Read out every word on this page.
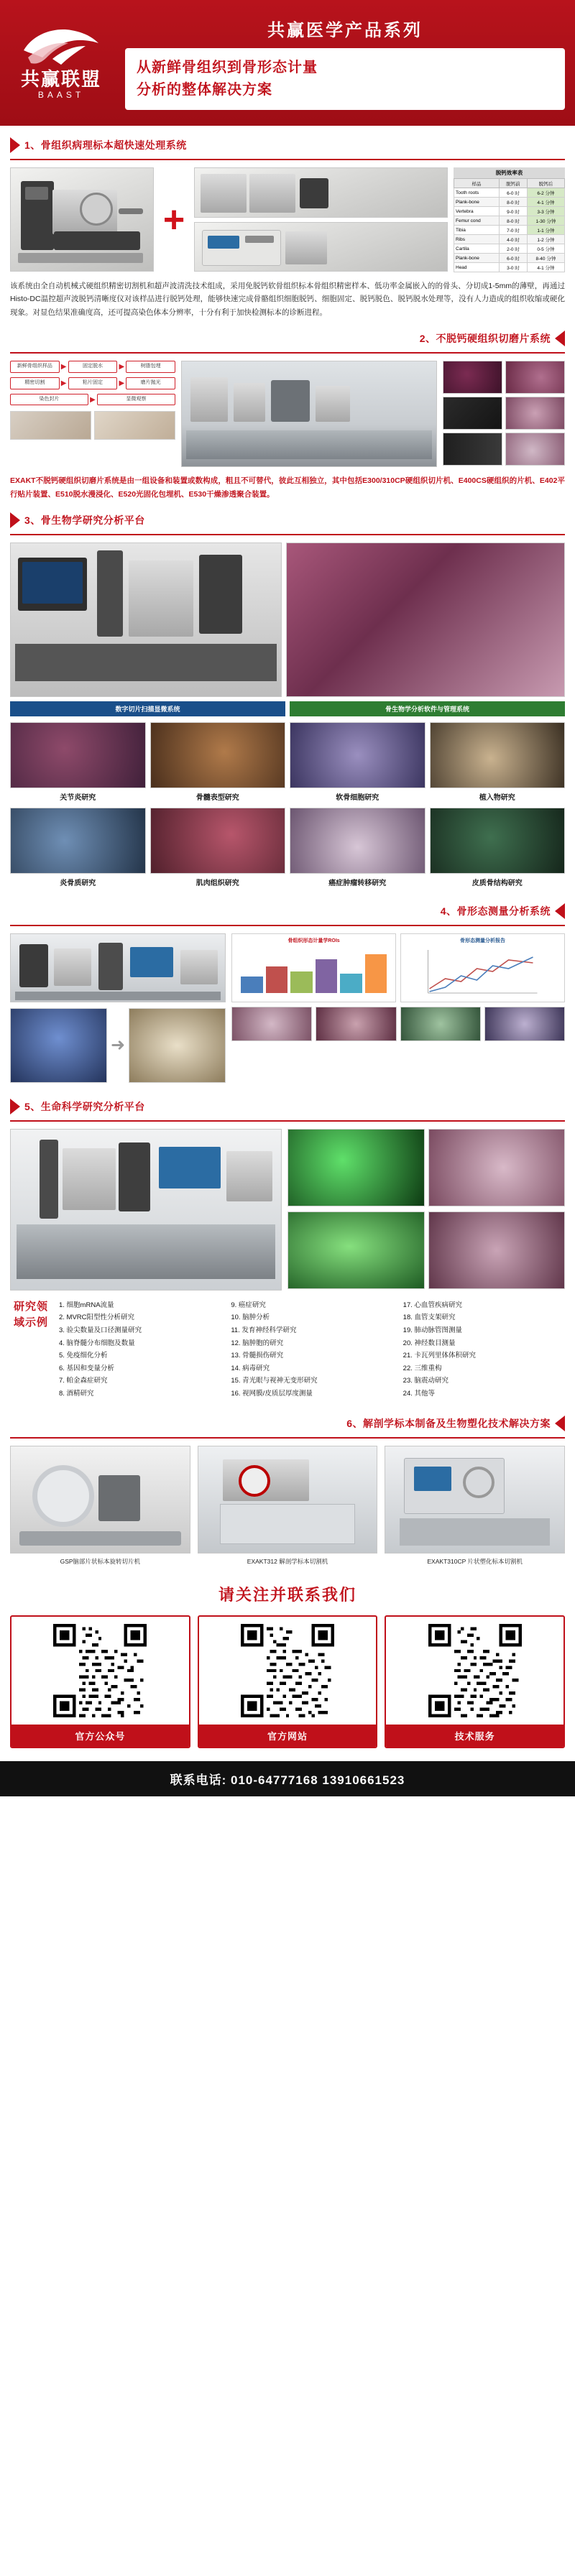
共赢联盟
BAAST
共赢医学产品系列
从新鲜骨组织到骨形态计量
分析的整体解决方案
1、 骨组织病理标本超快速处理系统
+
脱钙效率表
样品	脱钙前	脱钙后
Tooth roots	6-0 时	6-2 分钟
Plank-bone	8-0 时	4-1 分钟
Vertebra	9-0 时	3-3 分钟
Femur cond	8-0 时	1-30 分钟
Tibia	7-0 时	1-1 分钟
Ribs	4-0 时	1-2 分钟
Cartila	2-0 时	0-5 分钟
Plank-bone	6-0 时	8-40 分钟
Head	3-0 时	4-1 分钟
该系统由全自动机械式硬组织精密切割机和超声波清洗技术组成，采用免脱钙软骨组织标本骨组织精密样本、低功率金属嵌入的的骨头、分切成1-5mm的薄壁，再通过Histo-DC温控超声波脱钙清晰度仪对该样品进行脱钙处理，能够快速完成骨骼组织细胞脱钙、细胞固定、脱钙脱色、脱钙脱水处理等，没有人力造成的组织收缩或硬化现象。对显色结果准确度高，还可提高染色体本分辨率，十分有利于加快检测标本的诊断进程。
2、 不脱钙硬组织切磨片系统
新鲜骨组织样品	▶	固定脱水	▶	树脂包埋
精密切割	▶	粘片固定	▶	磨片抛光
染色封片	▶	显微观察
EXAKT不脱钙硬组织切磨片系统是由一组设备和装置或数构成，粗且不可替代，彼此互相独立，其中包括E300/310CP硬组织切片机、E400CS硬组织的片机、E402平行贴片装置、E510脱水漫浸化、E520光固化包埋机、E530干燥渗透聚合装置。
3、 骨生物学研究分析平台
数字切片扫描显微系统	骨生物学分析软件与管理系统
关节炎研究	骨髓表型研究	软骨细胞研究	植入物研究
炎骨质研究	肌肉组织研究	癌症肿瘤转移研究	皮质骨结构研究
4、 骨形态测量分析系统
➜
骨组织形态计量学ROIs	骨形态测量分析报告
5、 生命科学研究分析平台
研究领域示例
1. 细胞mRNA流量	9. 癌症研究	17. 心血管疾病研究
2. MVRC阳型性分析研究	10. 脑肿分析	18. 血管支架研究
3. 验尖数量及口径测量研究	11. 发育神经科学研究	19. 肺动脉管图测量
4. 脑脊髓分布细胞及数量	12. 脑肿胞的研究	20. 神经数目测量
5. 免疫细化分析	13. 骨髓损伤研究	21. 卡瓦列里体体积研究
6. 基因和变量分析	14. 病毒研究	22. 三维重构
7. 帕金森症研究	15. 青光眼与视神无变形研究	23. 脑震动研究
8. 酒精研究	16. 视网膜/皮质层厚度测量	24. 其他等
6、 解剖学标本制备及生物塑化技术解决方案
GSP脑部片状标本旋转切片机	EXAKT312 解剖学标本切割机	EXAKT310CP 片状塑化标本切割机
请关注并联系我们
官方公众号	官方网站	技术服务
联系电话: 010-64777168 13910661523
